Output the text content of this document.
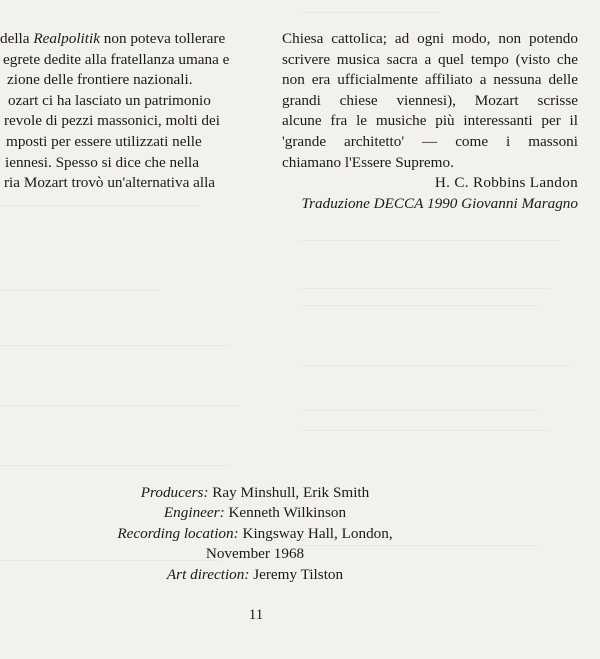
della Realpolitik non poteva tollerare
egrete dedite alla fratellanza umana e
zione delle frontiere nazionali.
ozart ci ha lasciato un patrimonio
revole di pezzi massonici, molti dei
mposti per essere utilizzati nelle
iennesi. Spesso si dice che nella
ria Mozart trovò un'alternativa alla
Chiesa cattolica; ad ogni modo, non potendo
scrivere musica sacra a quel tempo (visto che
non era ufficialmente affiliato a nessuna delle
grandi chiese viennesi), Mozart scrisse
alcune fra le musiche più interessanti per il
'grande architetto' — come i massoni
chiamano l'Essere Supremo.
H. C. Robbins Landon
Traduzione DECCA 1990 Giovanni Maragno
Producers: Ray Minshull, Erik Smith
Engineer: Kenneth Wilkinson
Recording location: Kingsway Hall, London,
November 1968
Art direction: Jeremy Tilston
11
